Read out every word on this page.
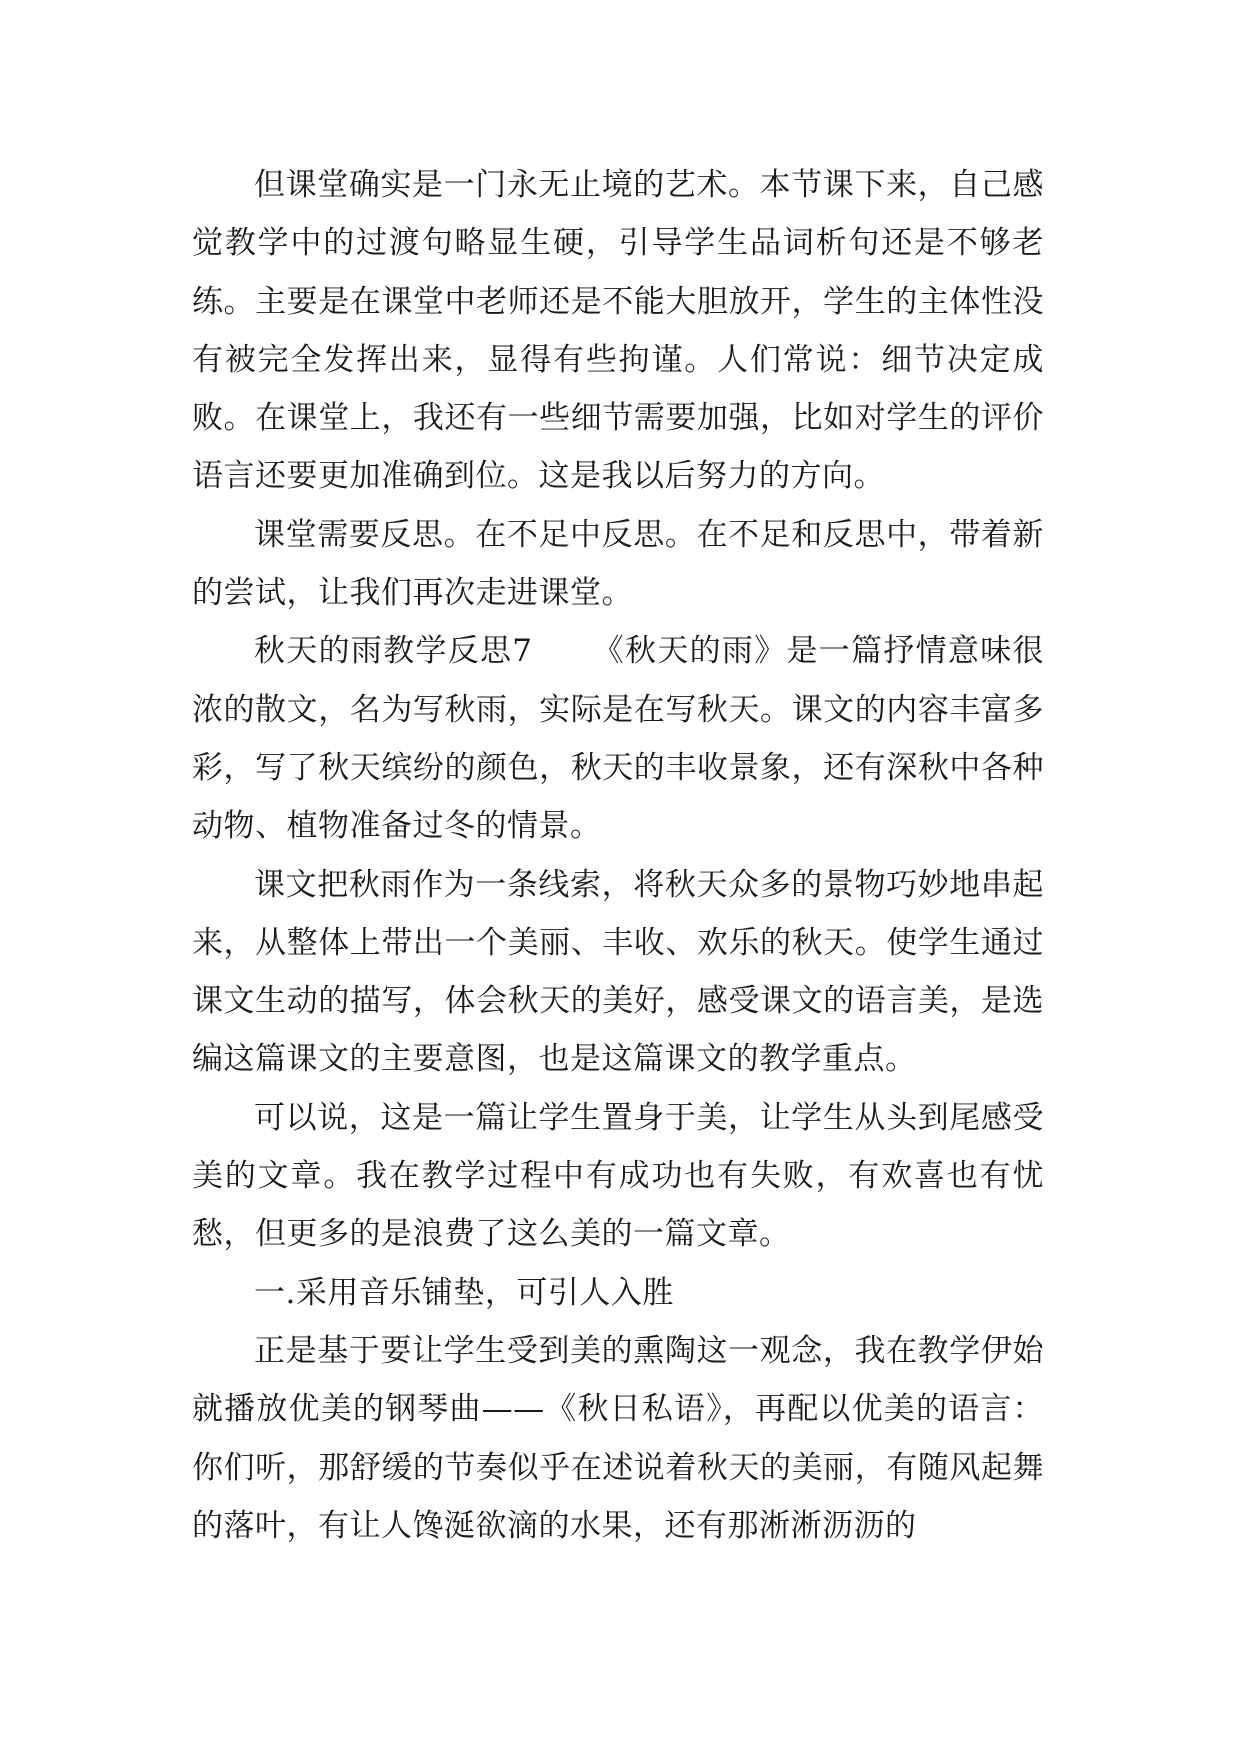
但课堂确实是一门永无止境的艺术。本节课下来，自己感觉教学中的过渡句略显生硬，引导学生品词析句还是不够老练。主要是在课堂中老师还是不能大胆放开，学生的主体性没有被完全发挥出来，显得有些拘谨。人们常说：细节决定成败。在课堂上，我还有一些细节需要加强，比如对学生的评价语言还要更加准确到位。这是我以后努力的方向。

课堂需要反思。在不足中反思。在不足和反思中，带着新的尝试，让我们再次走进课堂。

秋天的雨教学反思7 　　《秋天的雨》是一篇抒情意味很浓的散文，名为写秋雨，实际是在写秋天。课文的内容丰富多彩，写了秋天缤纷的颜色，秋天的丰收景象，还有深秋中各种动物、植物准备过冬的情景。

课文把秋雨作为一条线索，将秋天众多的景物巧妙地串起来，从整体上带出一个美丽、丰收、欢乐的秋天。使学生通过课文生动的描写，体会秋天的美好，感受课文的语言美，是选编这篇课文的主要意图，也是这篇课文的教学重点。

可以说，这是一篇让学生置身于美，让学生从头到尾感受美的文章。我在教学过程中有成功也有失败，有欢喜也有忧愁，但更多的是浪费了这么美的一篇文章。

一.采用音乐铺垫，可引人入胜

正是基于要让学生受到美的熏陶这一观念，我在教学伊始就播放优美的钢琴曲——《秋日私语》，再配以优美的语言：你们听，那舒缓的节奏似乎在述说着秋天的美丽，有随风起舞的落叶，有让人馋涎欲滴的水果，还有那淅淅沥沥的
